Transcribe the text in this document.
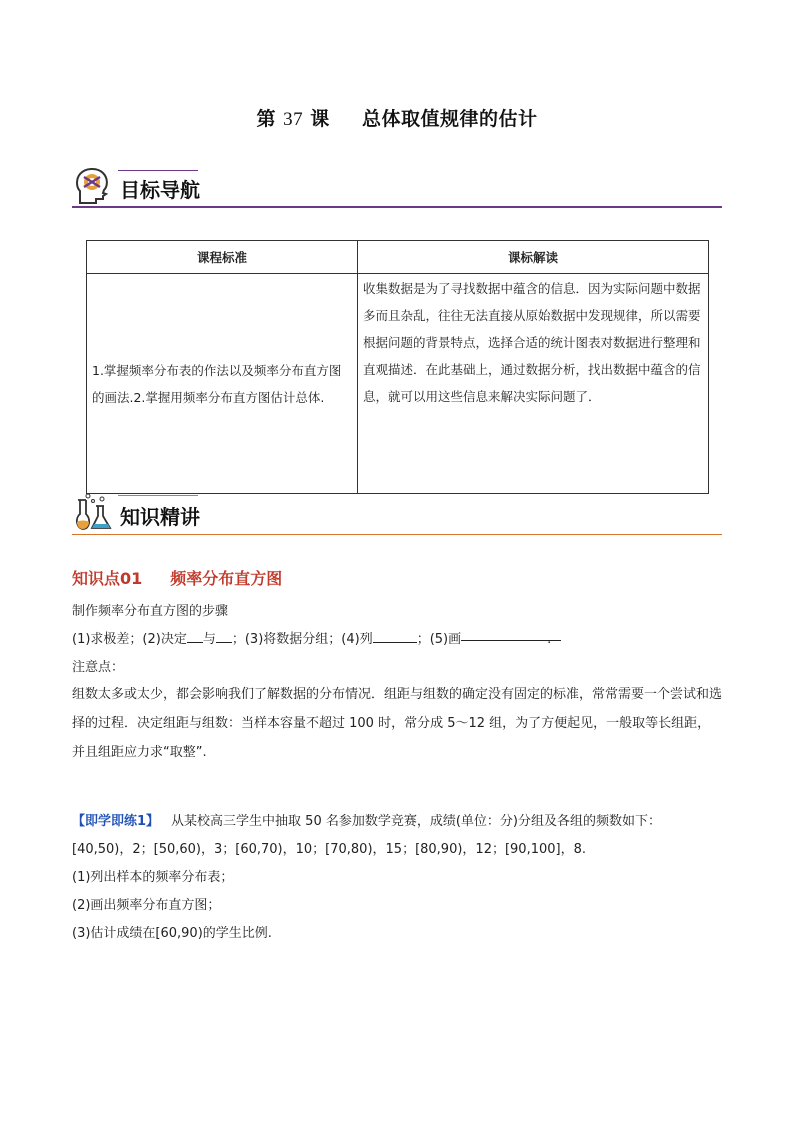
第 37 课 总体取值规律的估计
目标导航
课程标准	课标解读
1.掌握频率分布表的作法以及频率分布直方图的画法.2.掌握用频率分布直方图估计总体.	收集数据是为了寻找数据中蕴含的信息．因为实际问题中数据多而且杂乱，往往无法直接从原始数据中发现规律，所以需要根据问题的背景特点，选择合适的统计图表对数据进行整理和直观描述．在此基础上，通过数据分析，找出数据中蕴含的信息，就可以用这些信息来解决实际问题了．
知识精讲
知识点01 频率分布直方图
制作频率分布直方图的步骤
(1)求极差；(2)决定 与 ；(3)将数据分组；(4)列	；(5)画	.
注意点：
组数太多或太少，都会影响我们了解数据的分布情况．组距与组数的确定没有固定的标准，常常需要一个尝试和选择的过程．决定组距与组数：当样本容量不超过 100 时，常分成 5～12 组，为了方便起见，一般取等长组距，并且组距应力求“取整”.
【即学即练1】 从某校高三学生中抽取 50 名参加数学竞赛，成绩(单位：分)分组及各组的频数如下：
[40,50)，2；[50,60)，3；[60,70)，10；[70,80)，15；[80,90)，12；[90,100]，8.
(1)列出样本的频率分布表；
(2)画出频率分布直方图；
(3)估计成绩在[60,90)的学生比例.
